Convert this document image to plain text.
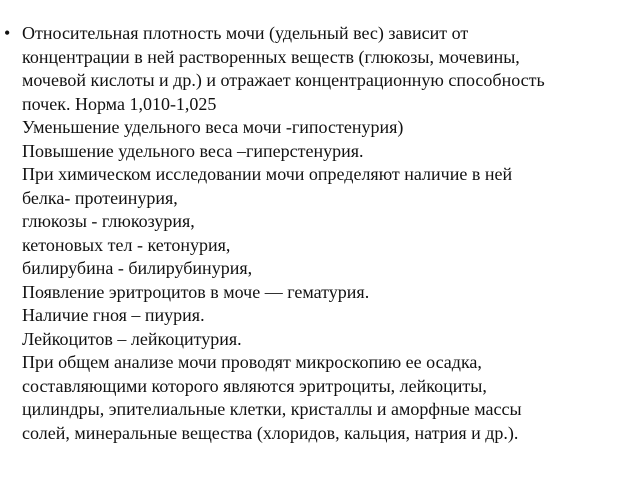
• Относительная плотность мочи (удельный вес) зависит от
концентрации в ней растворенных веществ (глюкозы, мочевины,
мочевой кислоты и др.) и отражает концентрационную способность
почек. Норма 1,010-1,025
Уменьшение удельного веса мочи -гипостенурия)
Повышение удельного веса –гиперстенурия.
При химическом исследовании мочи определяют наличие в ней
белка- протеинурия,
глюкозы - глюкозурия,
кетоновых тел - кетонурия,
билирубина - билирубинурия,
Появление эритроцитов в моче — гематурия.
Наличие гноя – пиурия.
Лейкоцитов – лейкоцитурия.
При общем анализе мочи проводят микроскопию ее осадка,
составляющими которого являются эритроциты, лейкоциты,
цилиндры, эпителиальные клетки, кристаллы и аморфные массы
солей, минеральные вещества (хлоридов, кальция, натрия и др.).
